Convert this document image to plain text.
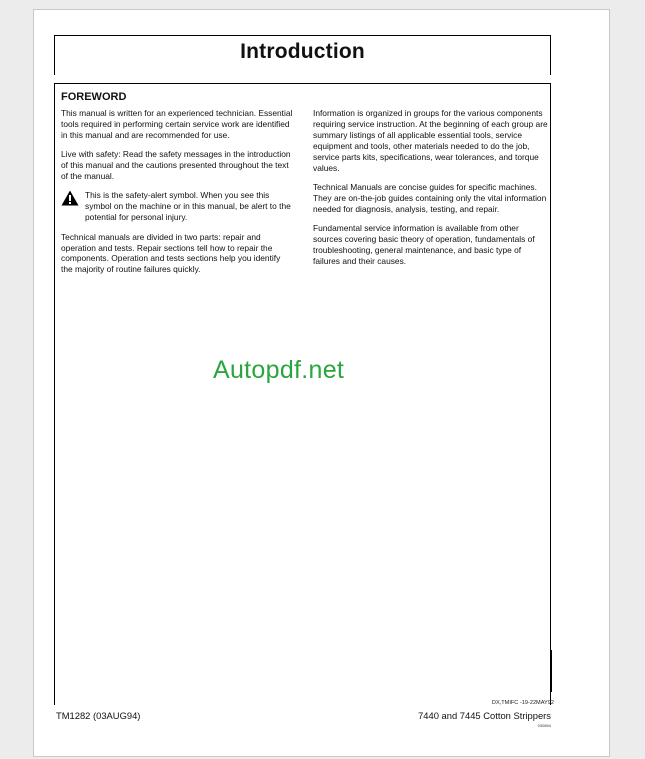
Introduction
FOREWORD

This manual is written for an experienced technician. Essential tools required in performing certain service work are identified in this manual and are recommended for use.

Live with safety: Read the safety messages in the introduction of this manual and the cautions presented throughout the text of the manual.

This is the safety-alert symbol. When you see this symbol on the machine or in this manual, be alert to the potential for personal injury.

Technical manuals are divided in two parts: repair and operation and tests. Repair sections tell how to repair the components. Operation and tests sections help you identify the majority of routine failures quickly.

Information is organized in groups for the various components requiring service instruction. At the beginning of each group are summary listings of all applicable essential tools, service equipment and tools, other materials needed to do the job, service parts kits, specifications, wear tolerances, and torque values.

Technical Manuals are concise guides for specific machines. They are on-the-job guides containing only the vital information needed for diagnosis, analysis, testing, and repair.

Fundamental service information is available from other sources covering basic theory of operation, fundamentals of troubleshooting, general maintenance, and basic type of failures and their causes.

DX,TMIFC -19-22MAY92
TM1282 (03AUG94)	7440 and 7445 Cotton Strippers
030894
Autopdf.net
